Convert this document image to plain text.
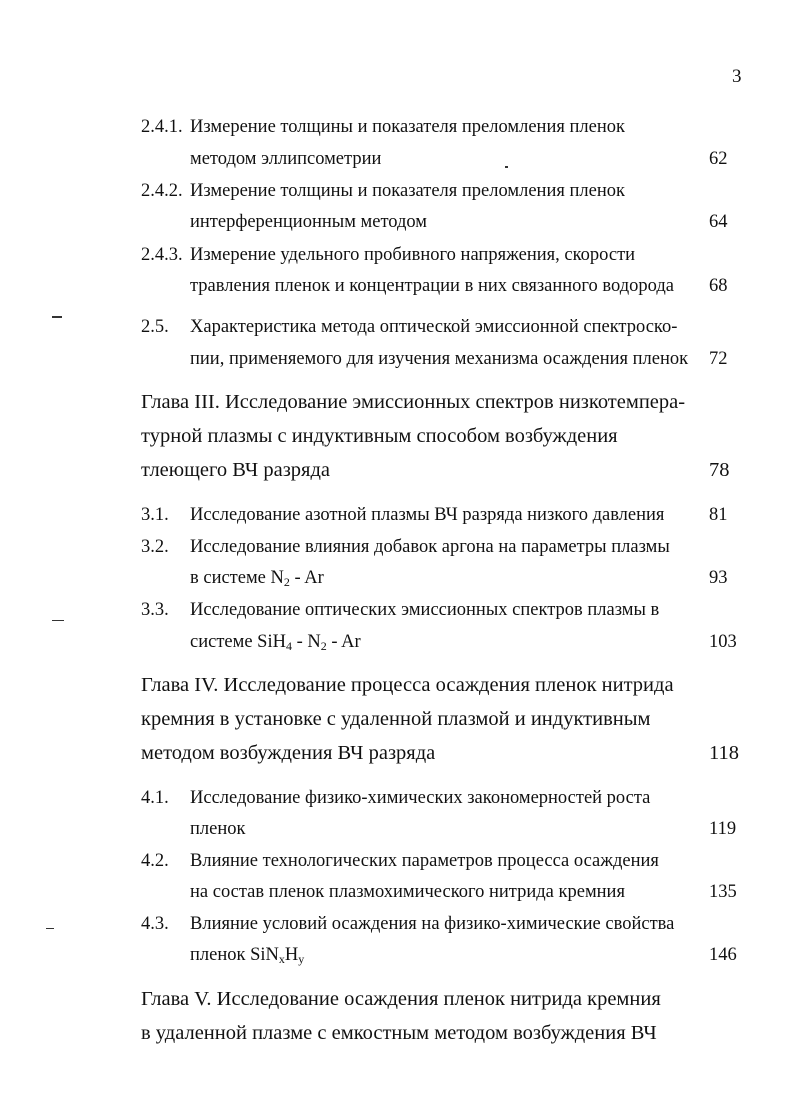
3
2.4.1. Измерение толщины и показателя преломления пленок
методом эллипсометрии	62
2.4.2. Измерение толщины и показателя преломления пленок
интерференционным методом	64
2.4.3. Измерение удельного пробивного напряжения, скорости
травления пленок и концентрации в них связанного водорода 68
2.5. Характеристика метода оптической эмиссионной спектроско-
пии, применяемого для изучения механизма осаждения пленок 72
Глава III. Исследование эмиссионных спектров низкотемпера-
турной плазмы с индуктивным способом возбуждения
тлеющего ВЧ разряда	78
3.1. Исследование азотной плазмы ВЧ разряда низкого давления 81
3.2. Исследование влияния добавок аргона на параметры плазмы
в системе $N_2$ - Ar	93
3.3. Исследование оптических эмиссионных спектров плазмы в
системе $SiH_4 - N_2$ - Ar	103
Глава IV. Исследование процесса осаждения пленок нитрида
кремния в установке с удаленной плазмой и индуктивным
методом возбуждения ВЧ разряда	118
4.1. Исследование физико-химических закономерностей роста
пленок	119
4.2. Влияние технологических параметров процесса осаждения
на состав пленок плазмохимического нитрида кремния	135
4.3. Влияние условий осаждения на физико-химические свойства
пленок $SiN_xH_y$	146
Глава V. Исследование осаждения пленок нитрида кремния
в удаленной плазме с емкостным методом возбуждения ВЧ
